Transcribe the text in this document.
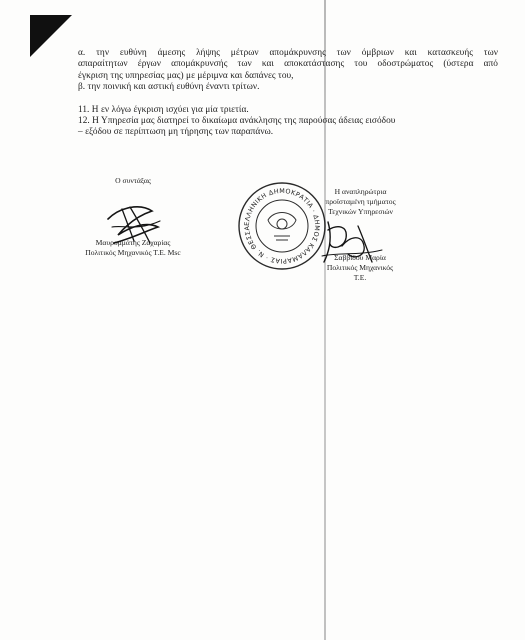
α. την ευθύνη άμεσης λήψης μέτρων απομάκρυνσης των όμβριων και κατασκευής των

απαραίτητων έργων απομάκρυνσής των και αποκατάστασης του οδοστρώματος (ύστερα από

έγκριση της υπηρεσίας μας) με μέριμνα και δαπάνες του,

β. την ποινική και αστική ευθύνη έναντι τρίτων.

11. Η εν λόγω έγκριση ισχύει για μία τριετία.

12. Η Υπηρεσία μας διατηρεί το δικαίωμα ανάκλησης της παρούσας άδειας εισόδου

– εξόδου σε περίπτωση μη τήρησης των παραπάνω.

Ο συντάξας
Μαυρομμάτης Ζαχαρίας
Πολιτικός Μηχανικός Τ.Ε. Msc
ΕΛΛΗΝΙΚΗ ΔΗΜΟΚΡΑΤΙΑ · ΔΗΜΟΣ ΚΑΛΑΜΑΡΙΑΣ · Ν. ΘΕΣΣΑΛΟΝΙΚΗΣ
Η αναπληρώτρια
προϊσταμένη τμήματος
Τεχνικών Υπηρεσιών
Σαββίδου Μαρία
Πολιτικός Μηχανικός
Τ.Ε.
